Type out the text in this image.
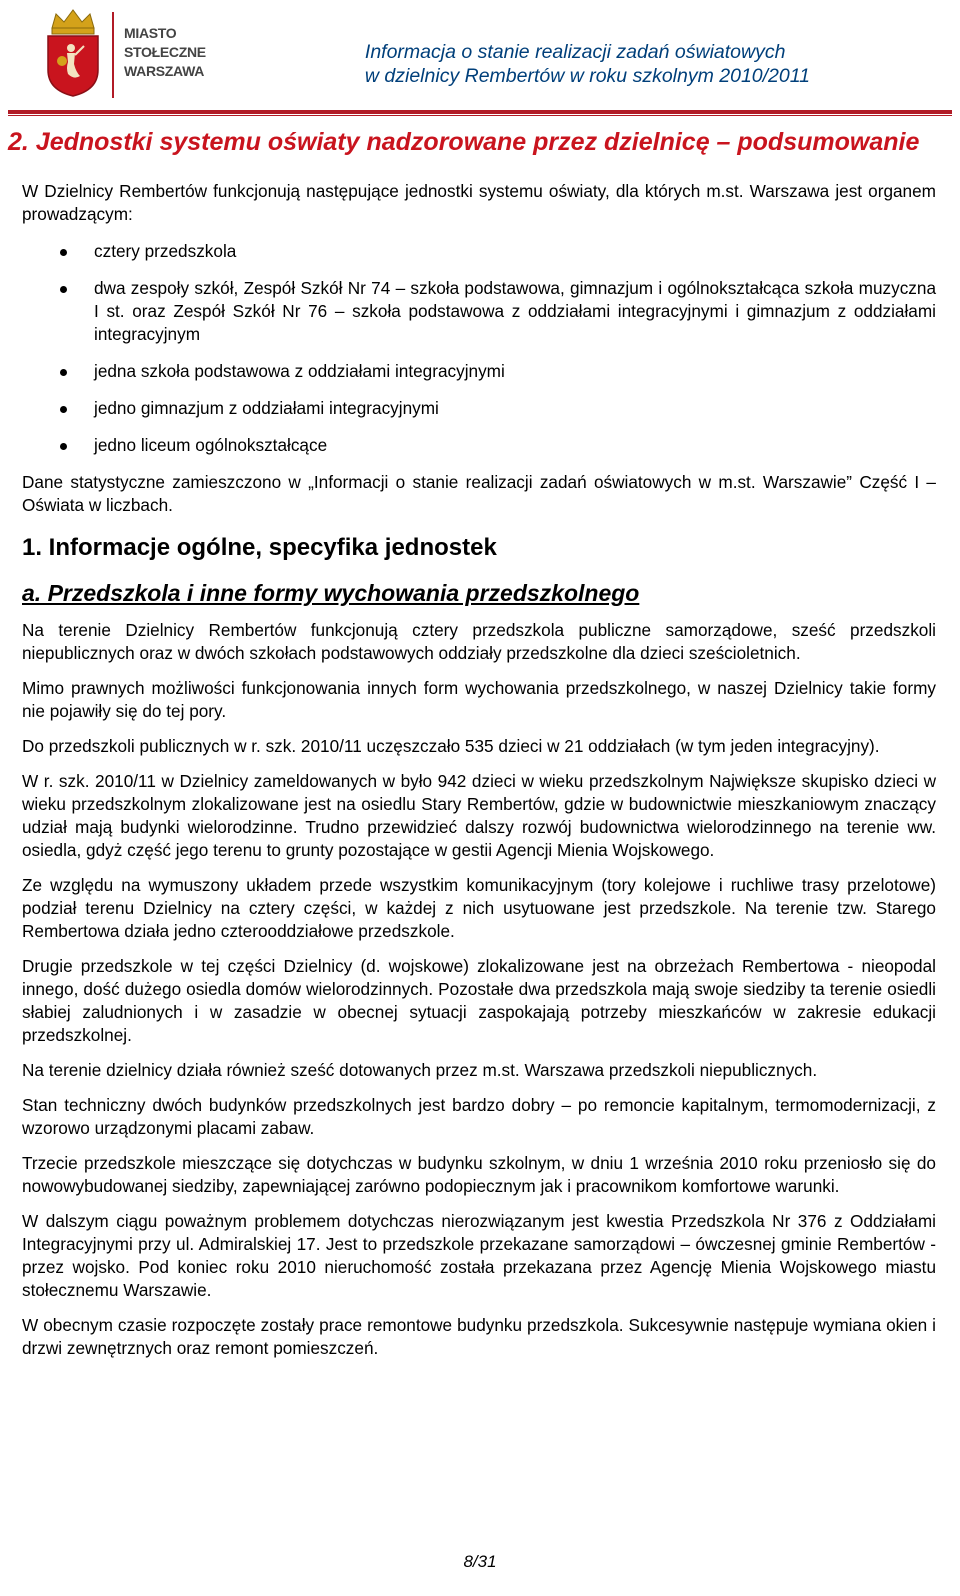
MIASTO
STOŁECZNE
WARSZAWA
Informacja o stanie realizacji zadań oświatowych
w dzielnicy Rembertów w roku szkolnym 2010/2011
2. Jednostki systemu oświaty nadzorowane przez dzielnicę – podsumowanie

W Dzielnicy Rembertów funkcjonują następujące jednostki systemu oświaty, dla których m.st. Warszawa jest organem prowadzącym:

cztery przedszkola
dwa zespoły szkół, Zespół Szkół Nr 74 – szkoła podstawowa, gimnazjum i ogólnokształcąca szkoła muzyczna I st. oraz Zespół Szkół Nr 76 – szkoła podstawowa z oddziałami integracyjnymi i gimnazjum z oddziałami integracyjnym
jedna szkoła podstawowa z oddziałami integracyjnymi
jedno gimnazjum z oddziałami integracyjnymi
jedno liceum ogólnokształcące

Dane statystyczne zamieszczono w „Informacji o stanie realizacji zadań oświatowych w m.st. Warszawie” Część I – Oświata w liczbach.

1. Informacje ogólne, specyfika jednostek
a. Przedszkola i inne formy wychowania przedszkolnego

Na terenie Dzielnicy Rembertów funkcjonują cztery przedszkola publiczne samorządowe, sześć przedszkoli niepublicznych oraz w dwóch szkołach podstawowych oddziały przedszkolne dla dzieci sześcioletnich.

Mimo prawnych możliwości funkcjonowania innych form wychowania przedszkolnego, w naszej Dzielnicy takie formy nie pojawiły się do tej pory.

Do przedszkoli publicznych w r. szk. 2010/11 uczęszczało 535 dzieci w 21 oddziałach (w tym jeden integracyjny).

W r. szk. 2010/11 w Dzielnicy zameldowanych w było 942 dzieci w wieku przedszkolnym Największe skupisko dzieci w wieku przedszkolnym zlokalizowane jest na osiedlu Stary Rembertów, gdzie w budownictwie mieszkaniowym znaczący udział mają budynki wielorodzinne. Trudno przewidzieć dalszy rozwój budownictwa wielorodzinnego na terenie ww. osiedla, gdyż część jego terenu to grunty pozostające w gestii Agencji Mienia Wojskowego.

Ze względu na wymuszony układem przede wszystkim komunikacyjnym (tory kolejowe i ruchliwe trasy przelotowe) podział terenu Dzielnicy na cztery części, w każdej z nich usytuowane jest przedszkole. Na terenie tzw. Starego Rembertowa działa jedno czterooddziałowe przedszkole.

Drugie przedszkole w tej części Dzielnicy (d. wojskowe) zlokalizowane jest na obrzeżach Rembertowa - nieopodal innego, dość dużego osiedla domów wielorodzinnych. Pozostałe dwa przedszkola mają swoje siedziby ta terenie osiedli słabiej zaludnionych i w zasadzie w obecnej sytuacji zaspokajają potrzeby mieszkańców w zakresie edukacji przedszkolnej.

Na terenie dzielnicy działa również sześć dotowanych przez m.st. Warszawa przedszkoli niepublicznych.

Stan techniczny dwóch budynków przedszkolnych jest bardzo dobry – po remoncie kapitalnym, termomodernizacji, z wzorowo urządzonymi placami zabaw.

Trzecie przedszkole mieszczące się dotychczas w budynku szkolnym, w dniu 1 września 2010 roku przeniosło się do nowowybudowanej siedziby, zapewniającej zarówno podopiecznym jak i pracownikom komfortowe warunki.

W dalszym ciągu poważnym problemem dotychczas nierozwiązanym jest kwestia Przedszkola Nr 376 z Oddziałami Integracyjnymi przy ul. Admiralskiej 17. Jest to przedszkole przekazane samorządowi – ówczesnej gminie Rembertów - przez wojsko. Pod koniec roku 2010 nieruchomość została przekazana przez Agencję Mienia Wojskowego miastu stołecznemu Warszawie.

W obecnym czasie rozpoczęte zostały prace remontowe budynku przedszkola. Sukcesywnie następuje wymiana okien i drzwi zewnętrznych oraz remont pomieszczeń.

8/31
